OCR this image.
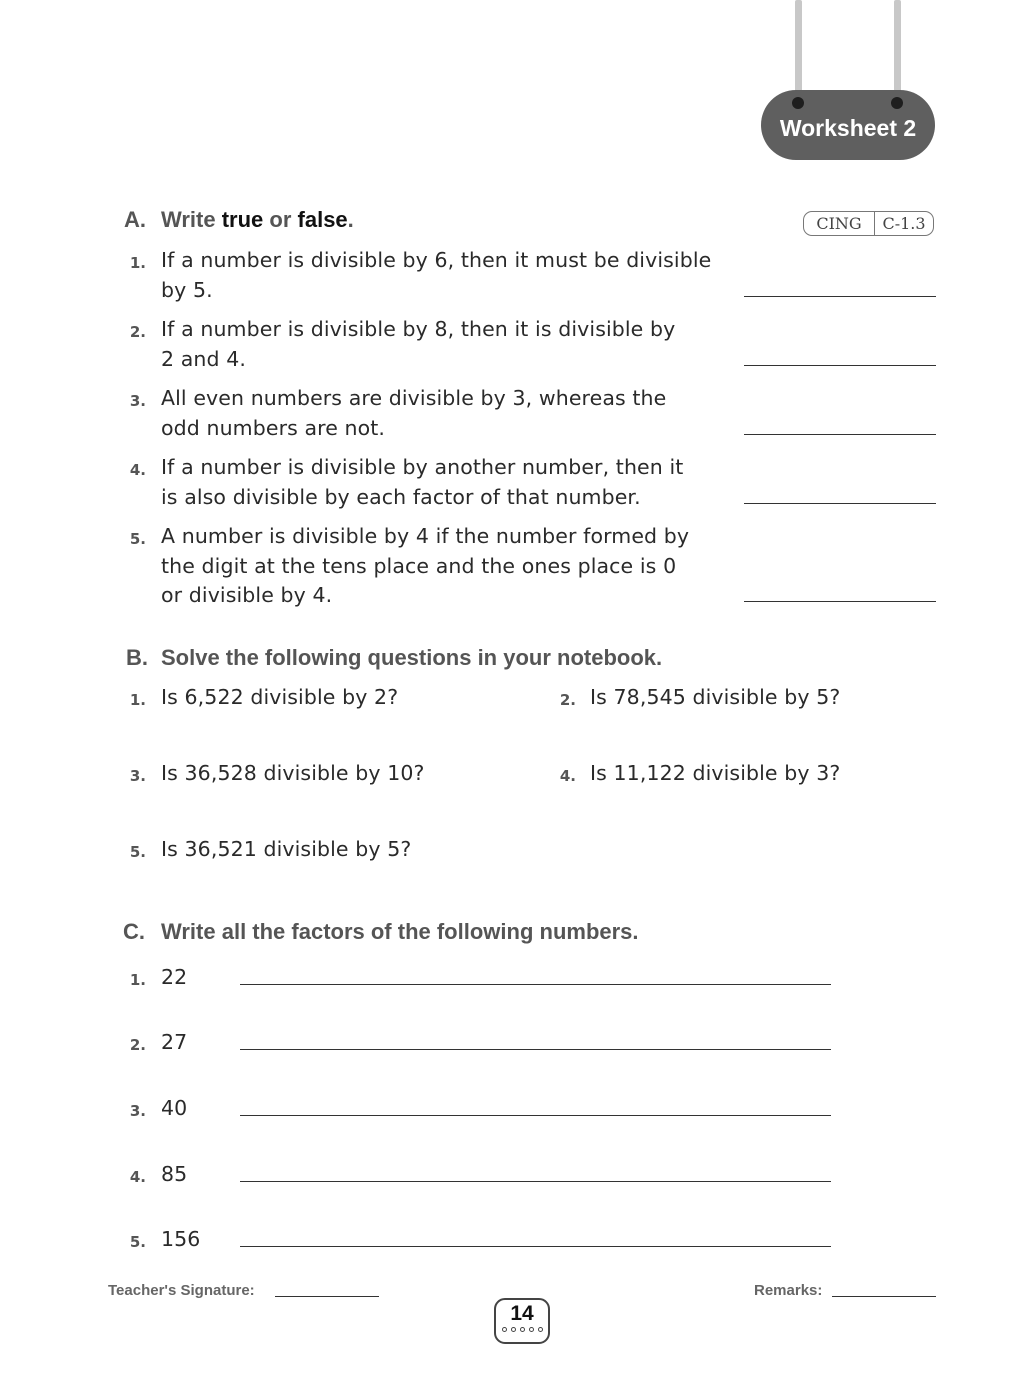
Worksheet 2
A. Write true or false.	CING	C-1.3
1. If a number is divisible by 6, then it must be divisible
by 5.
2. If a number is divisible by 8, then it is divisible by
2 and 4.
3. All even numbers are divisible by 3, whereas the
odd numbers are not.
4. If a number is divisible by another number, then it
is also divisible by each factor of that number.
5. A number is divisible by 4 if the number formed by
the digit at the tens place and the ones place is 0
or divisible by 4.
B. Solve the following questions in your notebook.
1. Is 6,522 divisible by 2?	2. Is 78,545 divisible by 5?
3. Is 36,528 divisible by 10?	4. Is 11,122 divisible by 3?
5. Is 36,521 divisible by 5?
C. Write all the factors of the following numbers.
1. 22
2. 27
3. 40
4. 85
5. 156
Teacher's Signature:	Remarks:
14
